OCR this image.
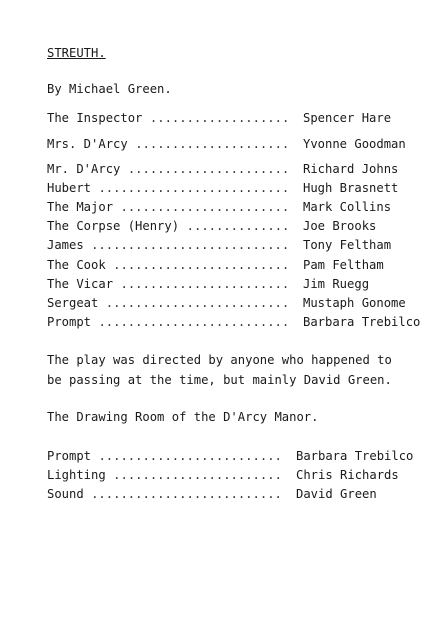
STREUTH.
By Michael Green.
The Inspector ................... Spencer Hare
Mrs. D'Arcy ..................... Yvonne Goodman
Mr. D'Arcy ...................... Richard Johns
Hubert .......................... Hugh Brasnett
The Major ....................... Mark Collins
The Corpse (Henry) .............. Joe Brooks
James ........................... Tony Feltham
The Cook ........................ Pam Feltham
The Vicar ....................... Jim Ruegg
Sergeat ......................... Mustaph Gonome
Prompt .......................... Barbara Trebilco
The play was directed by anyone who happened to
be passing at the time, but mainly David Green.
The Drawing Room of the D'Arcy Manor.
Prompt ......................... Barbara Trebilco
Lighting ....................... Chris Richards
Sound .......................... David Green
